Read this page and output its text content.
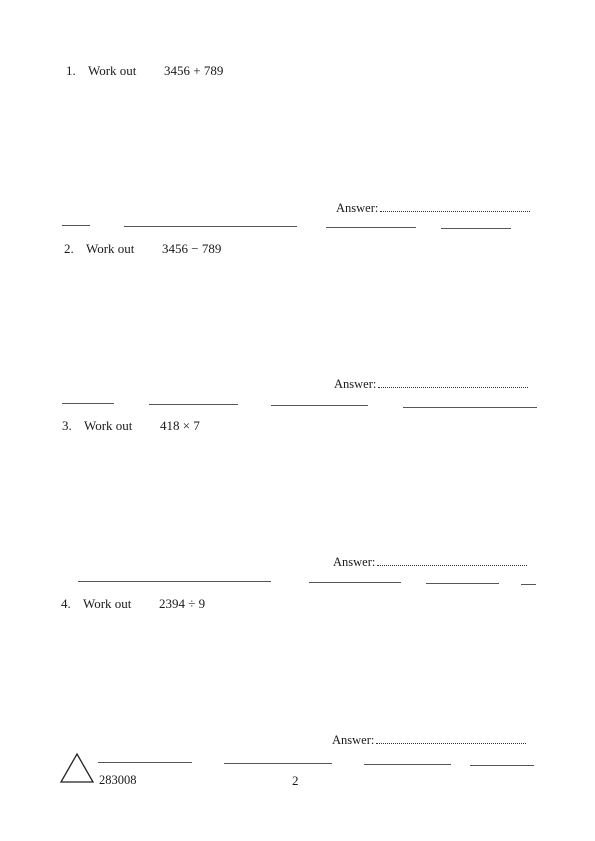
1. Work out 3456 + 789
Answer:
2. Work out 3456 − 789
Answer:
3. Work out 418 × 7
Answer:
4. Work out 2394 ÷ 9
Answer:
283008	2
